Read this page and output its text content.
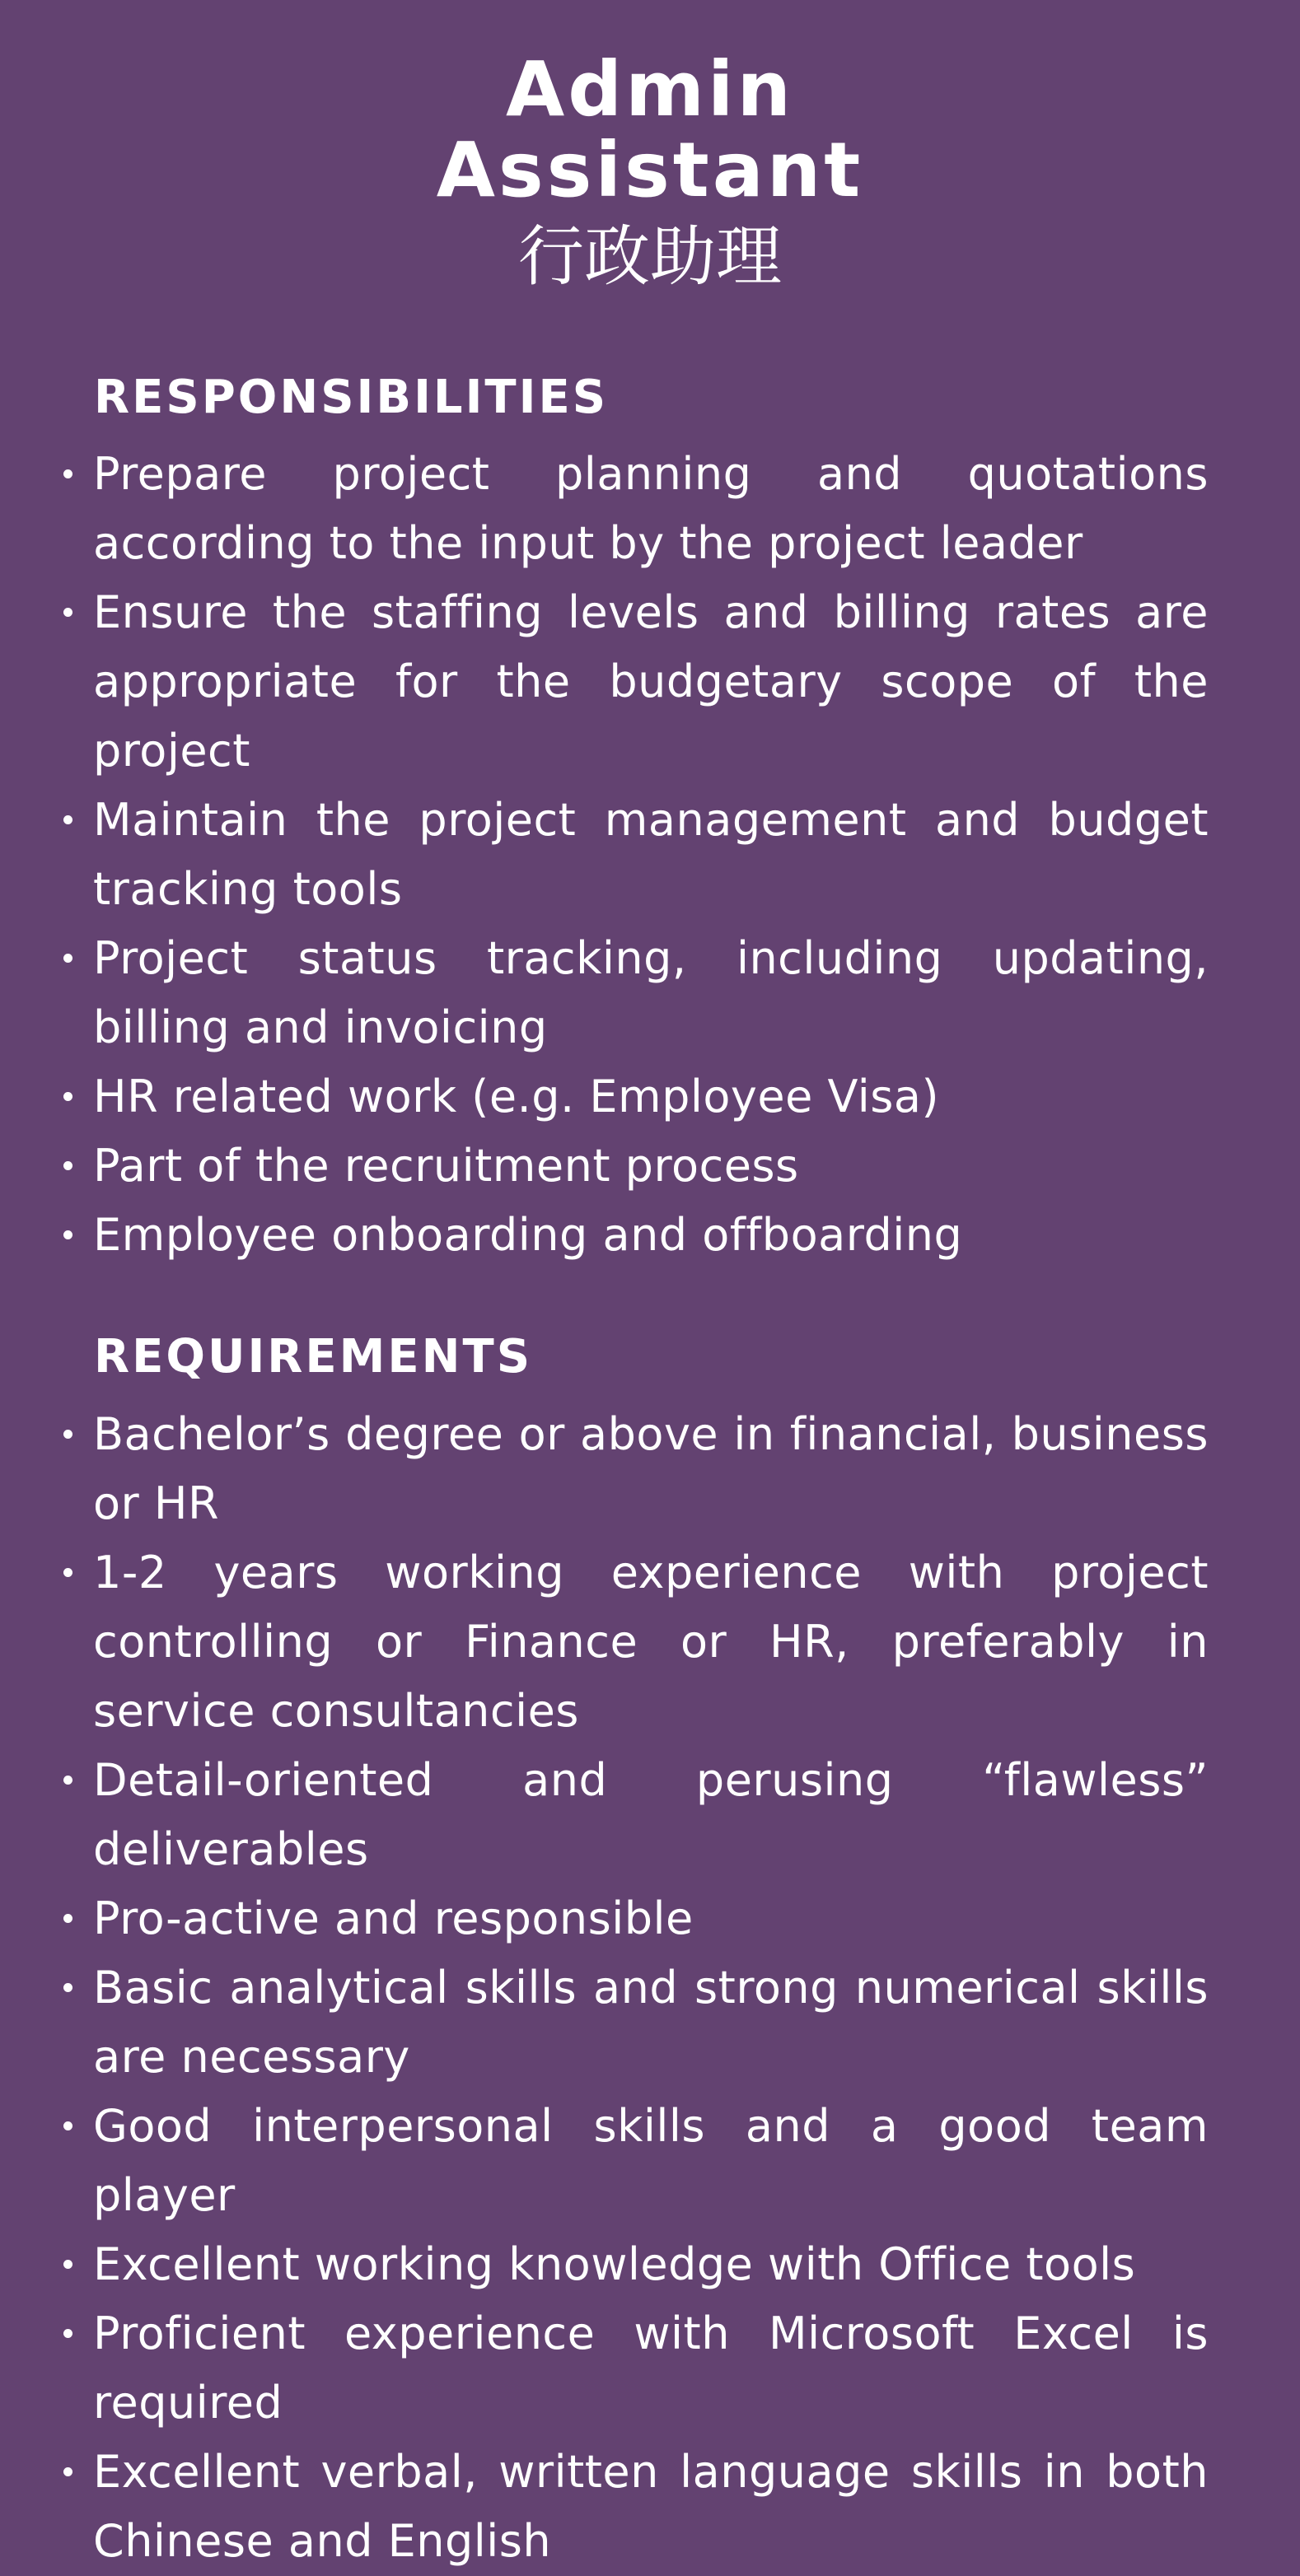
Admin
Assistant
行政助理
RESPONSIBILITIES
Prepare project planning and quotations according to the input by the project leader
Ensure the staffing levels and billing rates are appropriate for the budgetary scope of the project
Maintain the project management and budget tracking tools
Project status tracking, including updating, billing and invoicing
HR related work (e.g. Employee Visa)
Part of the recruitment process
Employee onboarding and offboarding
REQUIREMENTS
Bachelor’s degree or above in financial, business or HR
1-2 years working experience with project controlling or Finance or HR, preferably in service consultancies
Detail-oriented and perusing “flawless” deliverables
Pro-active and responsible
Basic analytical skills and strong numerical skills are necessary
Good interpersonal skills and a good team player
Excellent working knowledge with Office tools
Proficient experience with Microsoft Excel is required
Excellent verbal, written language skills in both Chinese and English
